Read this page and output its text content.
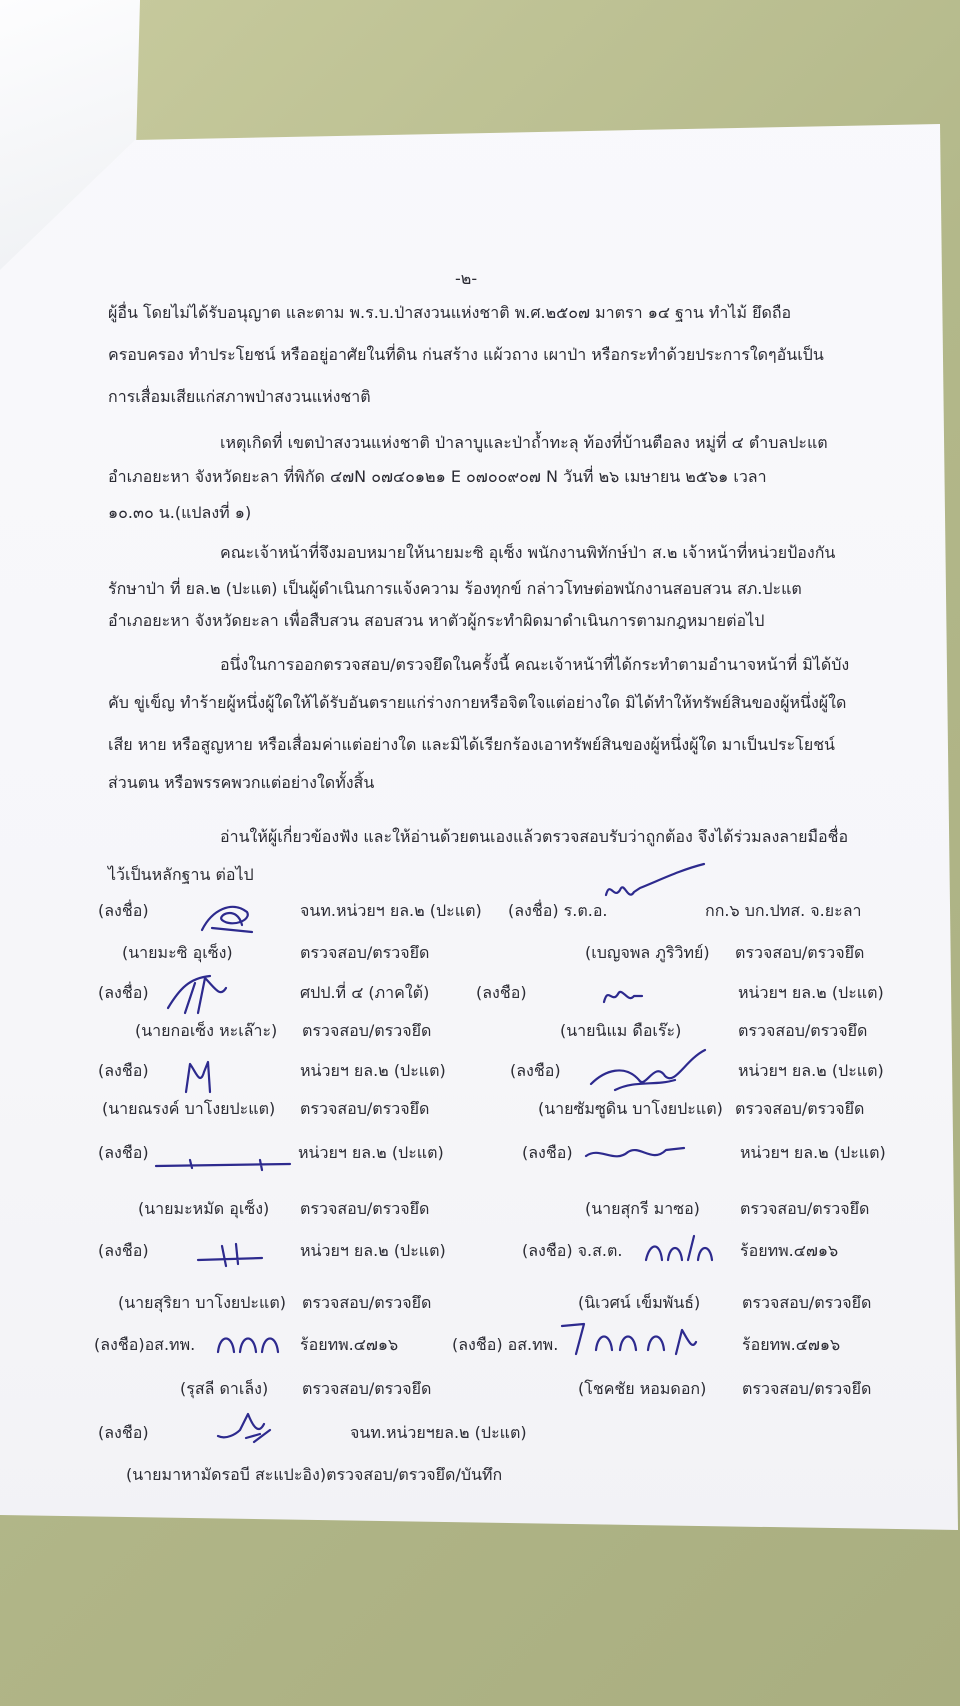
-๒-
ผู้อื่น โดยไม่ได้รับอนุญาต และตาม พ.ร.บ.ป่าสงวนแห่งชาติ พ.ศ.๒๕๐๗ มาตรา ๑๔ ฐาน ทำไม้ ยึดถือ
ครอบครอง ทำประโยชน์ หรืออยู่อาศัยในที่ดิน ก่นสร้าง แผ้วถาง เผาป่า หรือกระทำด้วยประการใดๆอันเป็น
การเสื่อมเสียแก่สภาพป่าสงวนแห่งชาติ
เหตุเกิดที่ เขตป่าสงวนแห่งชาติ ป่าลาบูและป่าถ้ำทะลุ ท้องที่บ้านตือลง หมู่ที่ ๔ ตำบลปะแต
อำเภอยะหา จังหวัดยะลา ที่พิกัด ๔๗N ๐๗๔๐๑๒๑ E ๐๗๐๐๙๐๗ N วันที่ ๒๖ เมษายน ๒๕๖๑ เวลา
๑๐.๓๐ น.(แปลงที่ ๑)
คณะเจ้าหน้าที่จึงมอบหมายให้นายมะซิ อุเซ็ง พนักงานพิทักษ์ป่า ส.๒ เจ้าหน้าที่หน่วยป้องกัน
รักษาป่า ที่ ยล.๒ (ปะแต) เป็นผู้ดำเนินการแจ้งความ ร้องทุกข์ กล่าวโทษต่อพนักงานสอบสวน สภ.ปะแต
อำเภอยะหา จังหวัดยะลา เพื่อสืบสวน สอบสวน หาตัวผู้กระทำผิดมาดำเนินการตามกฎหมายต่อไป
อนึ่งในการออกตรวจสอบ/ตรวจยึดในครั้งนี้ คณะเจ้าหน้าที่ได้กระทำตามอำนาจหน้าที่ มิได้บัง
คับ ขู่เข็ญ ทำร้ายผู้หนึ่งผู้ใดให้ได้รับอันตรายแก่ร่างกายหรือจิตใจแต่อย่างใด มิได้ทำให้ทรัพย์สินของผู้หนึ่งผู้ใด
เสีย หาย หรือสูญหาย หรือเสื่อมค่าแต่อย่างใด และมิได้เรียกร้องเอาทรัพย์สินของผู้หนึ่งผู้ใด มาเป็นประโยชน์
ส่วนตน หรือพรรคพวกแต่อย่างใดทั้งสิ้น
อ่านให้ผู้เกี่ยวข้องฟัง และให้อ่านด้วยตนเองแล้วตรวจสอบรับว่าถูกต้อง จึงได้ร่วมลงลายมือชื่อ
ไว้เป็นหลักฐาน ต่อไป
(ลงชื่อ)	จนท.หน่วยฯ ยล.๒ (ปะแต) (ลงชื่อ) ร.ต.อ.	กก.๖ บก.ปทส. จ.ยะลา
(นายมะซิ อุเซ็ง)	ตรวจสอบ/ตรวจยึด	(เบญจพล ภูริวิทย์) ตรวจสอบ/ตรวจยึด
(ลงชื่อ)	ศปป.ที่ ๔ (ภาคใต้)	(ลงชือ)	หน่วยฯ ยล.๒ (ปะแต)
(นายกอเซ็ง หะเล๊าะ) ตรวจสอบ/ตรวจยึด	(นายนิแม ดือเร๊ะ)	ตรวจสอบ/ตรวจยึด
(ลงชือ)	หน่วยฯ ยล.๒ (ปะแต)	(ลงชือ)	หน่วยฯ ยล.๒ (ปะแต)
(นายณรงค์ บาโงยปะแต) ตรวจสอบ/ตรวจยึด	(นายซัมซูดิน บาโงยปะแต) ตรวจสอบ/ตรวจยึด
(ลงชือ)	หน่วยฯ ยล.๒ (ปะแต)	(ลงชือ)	หน่วยฯ ยล.๒ (ปะแต)
(นายมะหมัด อุเซ็ง) ตรวจสอบ/ตรวจยึด	(นายสุกรี มาซอ)	ตรวจสอบ/ตรวจยึด
(ลงชือ)	หน่วยฯ ยล.๒ (ปะแต)	(ลงชือ) จ.ส.ต.	ร้อยทพ.๔๗๑๖
(นายสุริยา บาโงยปะแต) ตรวจสอบ/ตรวจยึด	(นิเวศน์ เข็มพันธ์)	ตรวจสอบ/ตรวจยึด
(ลงชือ)อส.ทพ.	ร้อยทพ.๔๗๑๖	(ลงชือ) อส.ทพ.	ร้อยทพ.๔๗๑๖
(รุสลี ดาเล็ง) ตรวจสอบ/ตรวจยึด	(โชคชัย หอมดอก) ตรวจสอบ/ตรวจยึด
(ลงชือ)	จนท.หน่วยฯยล.๒ (ปะแต)
(นายมาหามัดรอบี สะแปะอิง)ตรวจสอบ/ตรวจยึด/บันทึก
